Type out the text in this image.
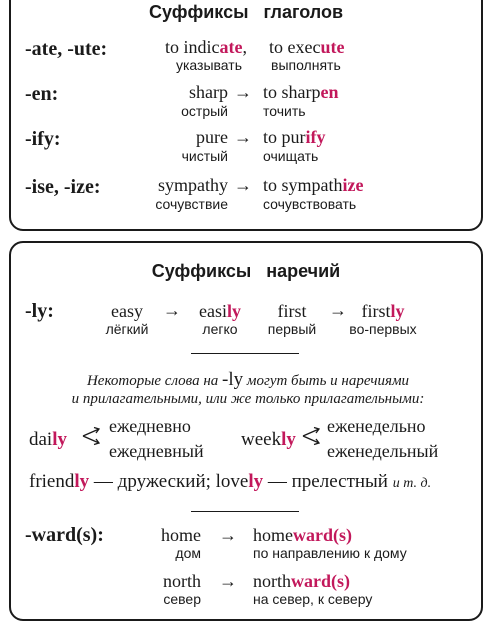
Суффиксы   глаголов
-ate, -ute:	to indicate, to execute
указывать	выполнять
-en:	sharp → to sharpen
острый	точить
-ify:	pure → to purify
чистый	очищать
-ise, -ize:	sympathy → to sympathize
сочувствие	сочувствовать
Суффиксы   наречий
-ly:	easy	→	easily	first	→ firstly
лёгкий	легко	первый	во-первых
Некоторые слова на -ly могут быть и наречиями
и прилагательными, или же только прилагательными:
daily
ежедневно
ежедневный
weekly
еженедельно
еженедельный
friendly — дружеский; lovely — прелестный и т. д.
-ward(s):	home → homeward(s)
дом	по направлению к дому
north → northward(s)
север	на север, к северу
